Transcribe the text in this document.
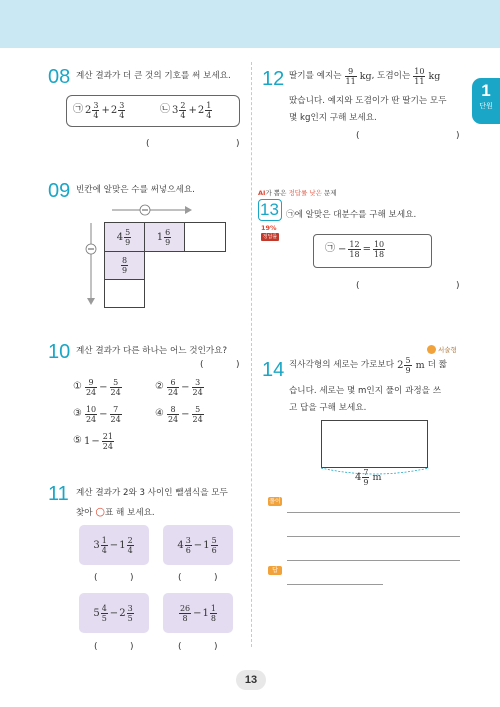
1
단원
08 계산 결과가 더 큰 것의 기호를 써 보세요.
㉠ $2 \frac{3}{4} + 2 \frac{3}{4}$	㉡ $3 \frac{2}{4} + 2 \frac{1}{4}$
(	)
09 빈칸에 알맞은 수를 써넣으세요.
$4 \frac{5}{9}$	$1 \frac{6}{9}$
$\frac{8}{9}$
10 계산 결과가 다른 하나는 어느 것인가요?
(	)
① $\frac{9}{24} - \frac{5}{24}$	② $\frac{6}{24} - \frac{3}{24}$
③ $\frac{10}{24} - \frac{7}{24}$	④ $\frac{8}{24} - \frac{5}{24}$
⑤ $1 - \frac{21}{24}$
11 계산 결과가 2와 3 사이인 뺄셈식을 모두
찾아 ○표 해 보세요.
$3 \frac{1}{4} - 1 \frac{2}{4}$	$4 \frac{3}{6} - 1 \frac{5}{6}$
(	)	(	)
$5 \frac{4}{5} - 2 \frac{3}{5}$	$\frac{26}{8} - 1 \frac{1}{8}$
(	)	(	)
12 딸기를 예지는 $\frac{9}{11}$ kg , 도겸이는 $\frac{10}{11}$ kg
땄습니다. 예지와 도겸이가 딴 딸기는 모두
몇 kg인지 구해 보세요.
(	)
AI가 뽑은 정답률 낮은 문제
13
19%
정답률
㉠에 알맞은 대분수를 구해 보세요.
㉠ − $\frac{12}{18} = \frac{10}{18}$
(	)
서술형
14 직사각형의 세로는 가로보다 $2 \frac{5}{9}$ m 더 짧
습니다. 세로는 몇 m인지 풀이 과정을 쓰
고 답을 구해 보세요.
$4 \frac{7}{9}$ m
풀이
답
13
